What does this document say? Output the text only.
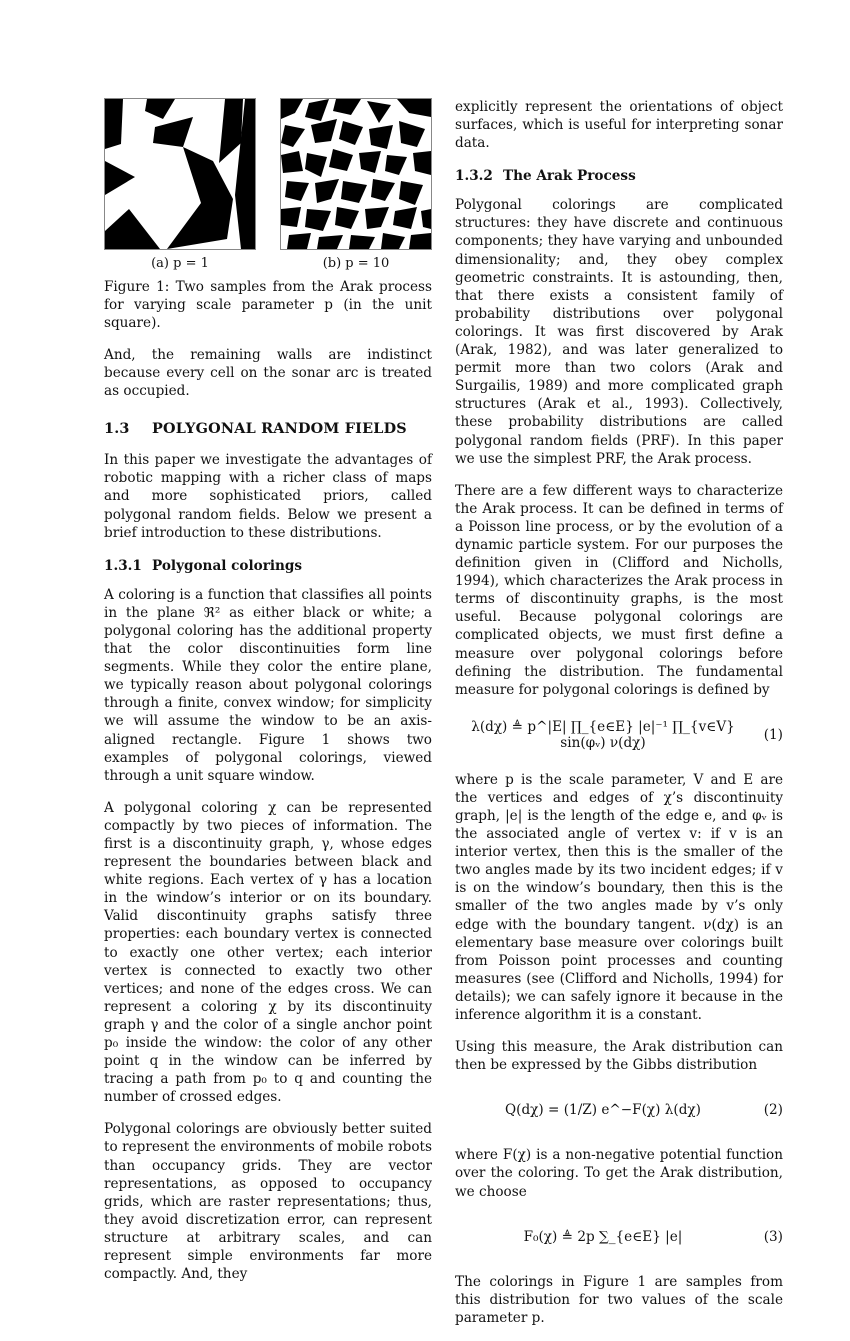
(a) p = 1	(b) p = 10
Figure 1: Two samples from the Arak process for varying scale parameter p (in the unit square).

And, the remaining walls are indistinct because every cell on the sonar arc is treated as occupied.

1.3 POLYGONAL RANDOM FIELDS

In this paper we investigate the advantages of robotic mapping with a richer class of maps and more sophisticated priors, called polygonal random fields. Below we present a brief introduction to these distributions.

1.3.1 Polygonal colorings

A coloring is a function that classifies all points in the plane ℜ² as either black or white; a polygonal coloring has the additional property that the color discontinuities form line segments. While they color the entire plane, we typically reason about polygonal colorings through a finite, convex window; for simplicity we will assume the window to be an axis-aligned rectangle. Figure 1 shows two examples of polygonal colorings, viewed through a unit square window.

A polygonal coloring χ can be represented compactly by two pieces of information. The first is a discontinuity graph, γ, whose edges represent the boundaries between black and white regions. Each vertex of γ has a location in the window’s interior or on its boundary. Valid discontinuity graphs satisfy three properties: each boundary vertex is connected to exactly one other vertex; each interior vertex is connected to exactly two other vertices; and none of the edges cross. We can represent a coloring χ by its discontinuity graph γ and the color of a single anchor point p₀ inside the window: the color of any other point q in the window can be inferred by tracing a path from p₀ to q and counting the number of crossed edges.

Polygonal colorings are obviously better suited to represent the environments of mobile robots than occupancy grids. They are vector representations, as opposed to occupancy grids, which are raster representations; thus, they avoid discretization error, can represent structure at arbitrary scales, and can represent simple environments far more compactly. And, they

explicitly represent the orientations of object surfaces, which is useful for interpreting sonar data.

1.3.2 The Arak Process

Polygonal colorings are complicated structures: they have discrete and continuous components; they have varying and unbounded dimensionality; and, they obey complex geometric constraints. It is astounding, then, that there exists a consistent family of probability distributions over polygonal colorings. It was first discovered by Arak (Arak, 1982), and was later generalized to permit more than two colors (Arak and Surgailis, 1989) and more complicated graph structures (Arak et al., 1993). Collectively, these probability distributions are called polygonal random fields (PRF). In this paper we use the simplest PRF, the Arak process.

There are a few different ways to characterize the Arak process. It can be defined in terms of a Poisson line process, or by the evolution of a dynamic particle system. For our purposes the definition given in (Clifford and Nicholls, 1994), which characterizes the Arak process in terms of discontinuity graphs, is the most useful. Because polygonal colorings are complicated objects, we must first define a measure over polygonal colorings before defining the distribution. The fundamental measure for polygonal colorings is defined by

λ(dχ) ≜ p^|E| ∏_{e∈E} |e|⁻¹ ∏_{v∈V} sin(φᵥ) ν(dχ)	(1)

where p is the scale parameter, V and E are the vertices and edges of χ’s discontinuity graph, |e| is the length of the edge e, and φᵥ is the associated angle of vertex v: if v is an interior vertex, then this is the smaller of the two angles made by its two incident edges; if v is on the window’s boundary, then this is the smaller of the two angles made by v’s only edge with the boundary tangent. ν(dχ) is an elementary base measure over colorings built from Poisson point processes and counting measures (see (Clifford and Nicholls, 1994) for details); we can safely ignore it because in the inference algorithm it is a constant.

Using this measure, the Arak distribution can then be expressed by the Gibbs distribution

Q(dχ) = (1/Z) e^−F(χ) λ(dχ)	(2)

where F(χ) is a non-negative potential function over the coloring. To get the Arak distribution, we choose

F₀(χ) ≜ 2p ∑_{e∈E} |e|	(3)

The colorings in Figure 1 are samples from this distribution for two values of the scale parameter p.
